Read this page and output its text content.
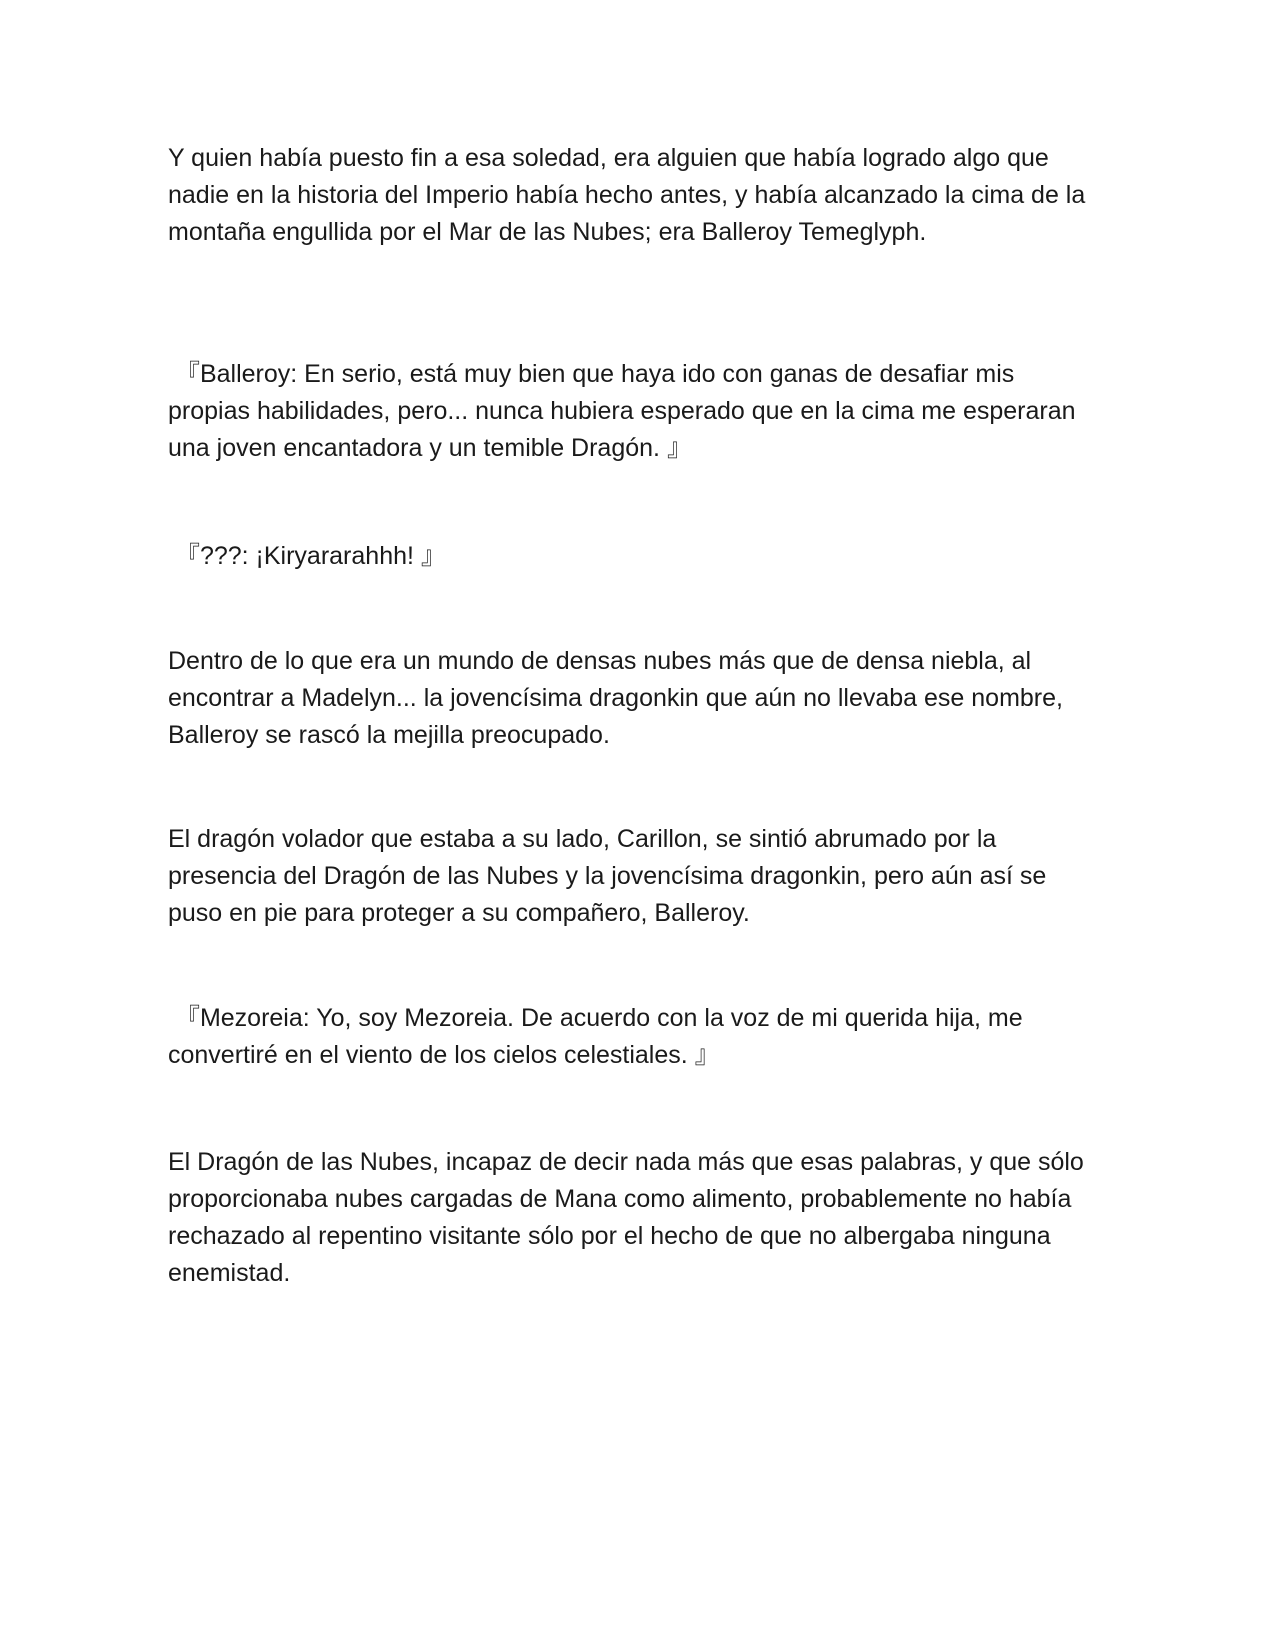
Y quien había puesto fin a esa soledad, era alguien que había logrado algo que nadie en la historia del Imperio había hecho antes, y había alcanzado la cima de la montaña engullida por el Mar de las Nubes; era Balleroy Temeglyph.

『Balleroy: En serio, está muy bien que haya ido con ganas de desafiar mis propias habilidades, pero... nunca hubiera esperado que en la cima me esperaran una joven encantadora y un temible Dragón. 』

『???: ¡Kiryararahhh! 』

Dentro de lo que era un mundo de densas nubes más que de densa niebla, al encontrar a Madelyn... la jovencísima dragonkin que aún no llevaba ese nombre, Balleroy se rascó la mejilla preocupado.

El dragón volador que estaba a su lado, Carillon, se sintió abrumado por la presencia del Dragón de las Nubes y la jovencísima dragonkin, pero aún así se puso en pie para proteger a su compañero, Balleroy.

『Mezoreia: Yo, soy Mezoreia. De acuerdo con la voz de mi querida hija, me convertiré en el viento de los cielos celestiales. 』

El Dragón de las Nubes, incapaz de decir nada más que esas palabras, y que sólo proporcionaba nubes cargadas de Mana como alimento, probablemente no había rechazado al repentino visitante sólo por el hecho de que no albergaba ninguna enemistad.
